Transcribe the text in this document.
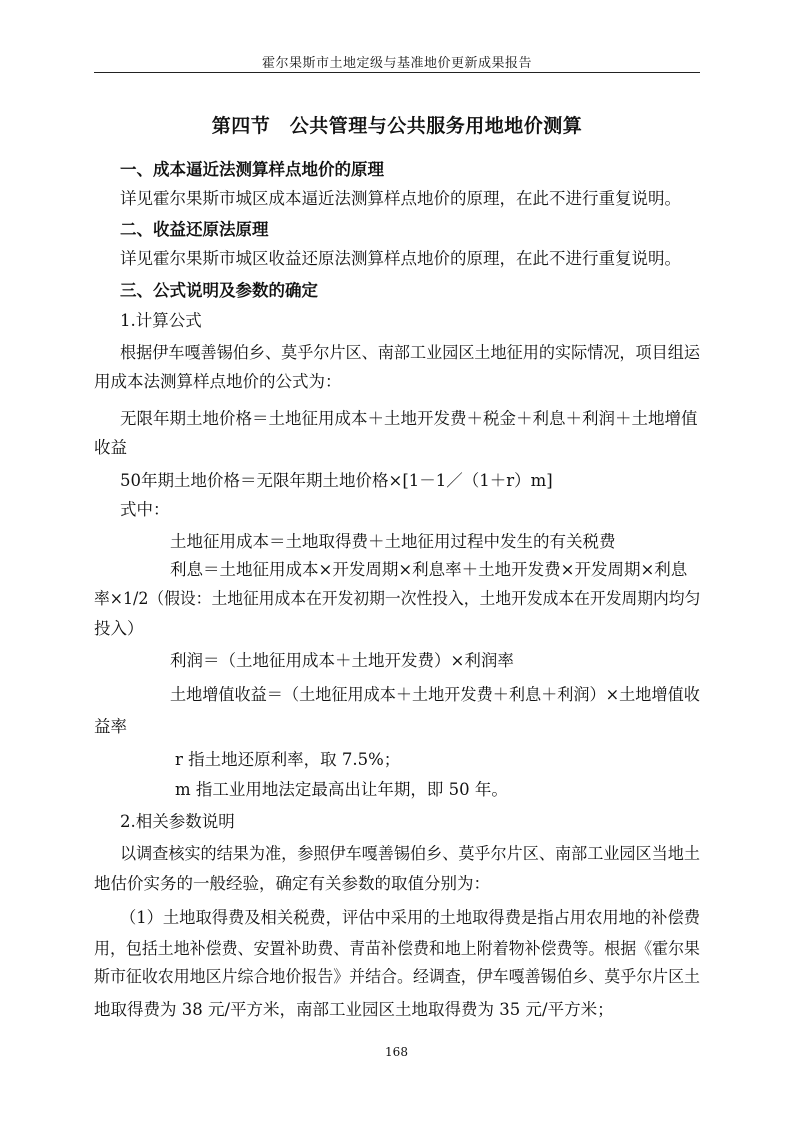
霍尔果斯市土地定级与基准地价更新成果报告
第四节　公共管理与公共服务用地地价测算
一、成本逼近法测算样点地价的原理
详见霍尔果斯市城区成本逼近法测算样点地价的原理，在此不进行重复说明。
二、收益还原法原理
详见霍尔果斯市城区收益还原法测算样点地价的原理，在此不进行重复说明。
三、公式说明及参数的确定
1.计算公式
根据伊车嘎善锡伯乡、莫乎尔片区、南部工业园区土地征用的实际情况，项目组运
用成本法测算样点地价的公式为：
无限年期土地价格＝土地征用成本＋土地开发费＋税金＋利息＋利润＋土地增值
收益
50年期土地价格＝无限年期土地价格×[1－1／（1＋r）m]
式中：
土地征用成本＝土地取得费＋土地征用过程中发生的有关税费
利息＝土地征用成本×开发周期×利息率＋土地开发费×开发周期×利息
率×1/2（假设：土地征用成本在开发初期一次性投入，土地开发成本在开发周期内均匀
投入）
利润＝（土地征用成本＋土地开发费）×利润率
土地增值收益＝（土地征用成本＋土地开发费＋利息＋利润）×土地增值收
益率
r 指土地还原利率，取 7.5%；
m 指工业用地法定最高出让年期，即 50 年。
2.相关参数说明
以调查核实的结果为准，参照伊车嘎善锡伯乡、莫乎尔片区、南部工业园区当地土
地估价实务的一般经验，确定有关参数的取值分别为：
（1）土地取得费及相关税费，评估中采用的土地取得费是指占用农用地的补偿费
用，包括土地补偿费、安置补助费、青苗补偿费和地上附着物补偿费等。根据《霍尔果
斯市征收农用地区片综合地价报告》并结合。经调查，伊车嘎善锡伯乡、莫乎尔片区土
地取得费为 38 元/平方米，南部工业园区土地取得费为 35 元/平方米；
168
